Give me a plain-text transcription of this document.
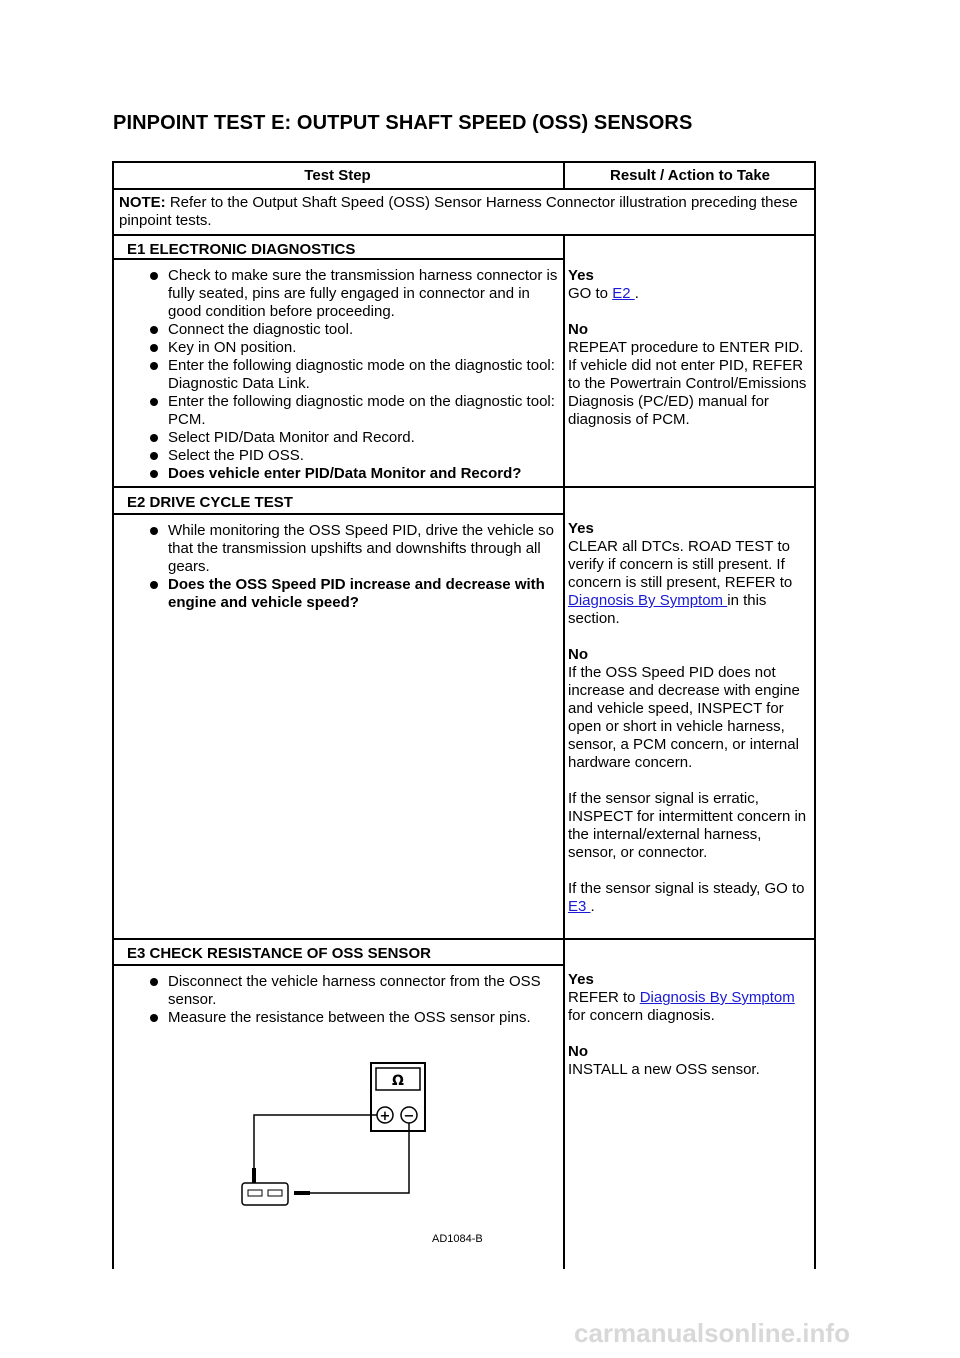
PINPOINT TEST E: OUTPUT SHAFT SPEED (OSS) SENSORS
Test Step	Result / Action to Take
NOTE: Refer to the Output Shaft Speed (OSS) Sensor Harness Connector illustration preceding these pinpoint tests.
E1 ELECTRONIC DIAGNOSTICS
Check to make sure the transmission harness connector is fully seated, pins are fully engaged in connector and in good condition before proceeding.
Connect the diagnostic tool.
Key in ON position.
Enter the following diagnostic mode on the diagnostic tool: Diagnostic Data Link.
Enter the following diagnostic mode on the diagnostic tool: PCM.
Select PID/Data Monitor and Record.
Select the PID OSS.
Does vehicle enter PID/Data Monitor and Record?

Yes

GO to E2 .

No

REPEAT procedure to ENTER PID. If vehicle did not enter PID, REFER to the Powertrain Control/Emissions Diagnosis (PC/ED) manual for diagnosis of PCM.

E2 DRIVE CYCLE TEST
While monitoring the OSS Speed PID, drive the vehicle so that the transmission upshifts and downshifts through all gears.
Does the OSS Speed PID increase and decrease with engine and vehicle speed?

Yes

CLEAR all DTCs. ROAD TEST to verify if concern is still present. If concern is still present, REFER to Diagnosis By Symptom in this section.

No

If the OSS Speed PID does not increase and decrease with engine and vehicle speed, INSPECT for open or short in vehicle harness, sensor, a PCM concern, or internal hardware concern.

If the sensor signal is erratic, INSPECT for intermittent concern in the internal/external harness, sensor, or connector.

If the sensor signal is steady, GO to E3 .

E3 CHECK RESISTANCE OF OSS SENSOR
Disconnect the vehicle harness connector from the OSS sensor.
Measure the resistance between the OSS sensor pins.

Yes

REFER to Diagnosis By Symptom for concern diagnosis.

No

INSTALL a new OSS sensor.

Ω
+ −
AD1084-B
carmanualsonline.info
